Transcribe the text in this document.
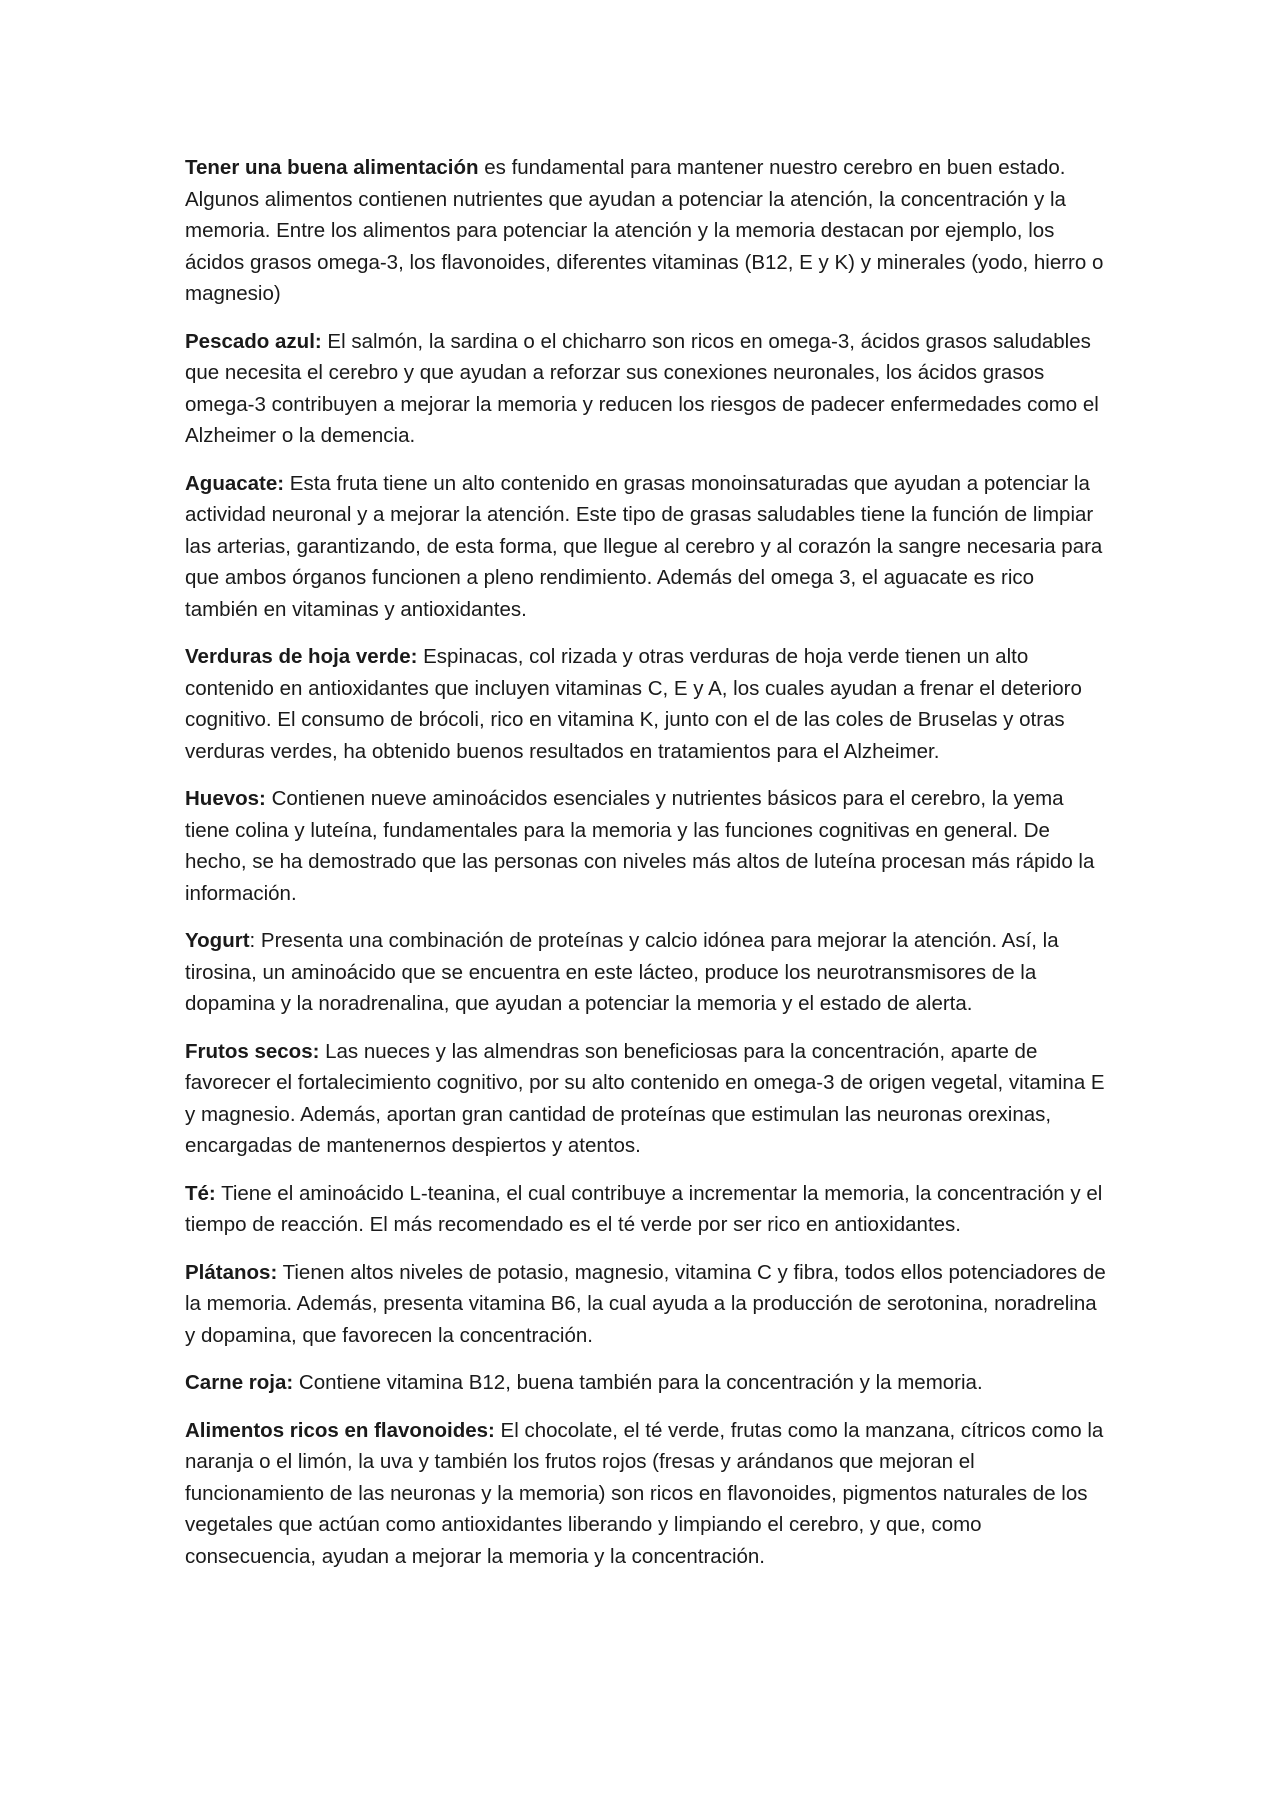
Tener una buena alimentación es fundamental para mantener nuestro cerebro en buen estado. Algunos alimentos contienen nutrientes que ayudan a potenciar la atención, la concentración y la memoria. Entre los alimentos para potenciar la atención y la memoria destacan por ejemplo, los ácidos grasos omega-3, los flavonoides, diferentes vitaminas (B12, E y K) y minerales (yodo, hierro o magnesio)

Pescado azul: El salmón, la sardina o el chicharro son ricos en omega-3, ácidos grasos saludables que necesita el cerebro y que ayudan a reforzar sus conexiones neuronales, los ácidos grasos omega-3 contribuyen a mejorar la memoria y reducen los riesgos de padecer enfermedades como el Alzheimer o la demencia.

Aguacate: Esta fruta tiene un alto contenido en grasas monoinsaturadas que ayudan a potenciar la actividad neuronal y a mejorar la atención. Este tipo de grasas saludables tiene la función de limpiar las arterias, garantizando, de esta forma, que llegue al cerebro y al corazón la sangre necesaria para que ambos órganos funcionen a pleno rendimiento. Además del omega 3, el aguacate es rico también en vitaminas y antioxidantes.

Verduras de hoja verde: Espinacas, col rizada y otras verduras de hoja verde tienen un alto contenido en antioxidantes que incluyen vitaminas C, E y A, los cuales ayudan a frenar el deterioro cognitivo. El consumo de brócoli, rico en vitamina K, junto con el de las coles de Bruselas y otras verduras verdes, ha obtenido buenos resultados en tratamientos para el Alzheimer.

Huevos: Contienen nueve aminoácidos esenciales y nutrientes básicos para el cerebro, la yema tiene colina y luteína, fundamentales para la memoria y las funciones cognitivas en general. De hecho, se ha demostrado que las personas con niveles más altos de luteína procesan más rápido la información.

Yogurt: Presenta una combinación de proteínas y calcio idónea para mejorar la atención. Así, la tirosina, un aminoácido que se encuentra en este lácteo, produce los neurotransmisores de la dopamina y la noradrenalina, que ayudan a potenciar la memoria y el estado de alerta.

Frutos secos: Las nueces y las almendras son beneficiosas para la concentración, aparte de favorecer el fortalecimiento cognitivo, por su alto contenido en omega-3 de origen vegetal, vitamina E y magnesio. Además, aportan gran cantidad de proteínas que estimulan las neuronas orexinas, encargadas de mantenernos despiertos y atentos.

Té: Tiene el aminoácido L-teanina, el cual contribuye a incrementar la memoria, la concentración y el tiempo de reacción. El más recomendado es el té verde por ser rico en antioxidantes.

Plátanos: Tienen altos niveles de potasio, magnesio, vitamina C y fibra, todos ellos potenciadores de la memoria. Además, presenta vitamina B6, la cual ayuda a la producción de serotonina, noradrelina y dopamina, que favorecen la concentración.

Carne roja: Contiene vitamina B12, buena también para la concentración y la memoria.

Alimentos ricos en flavonoides: El chocolate, el té verde, frutas como la manzana, cítricos como la naranja o el limón, la uva y también los frutos rojos (fresas y arándanos que mejoran el funcionamiento de las neuronas y la memoria) son ricos en flavonoides, pigmentos naturales de los vegetales que actúan como antioxidantes liberando y limpiando el cerebro, y que, como consecuencia, ayudan a mejorar la memoria y la concentración.
